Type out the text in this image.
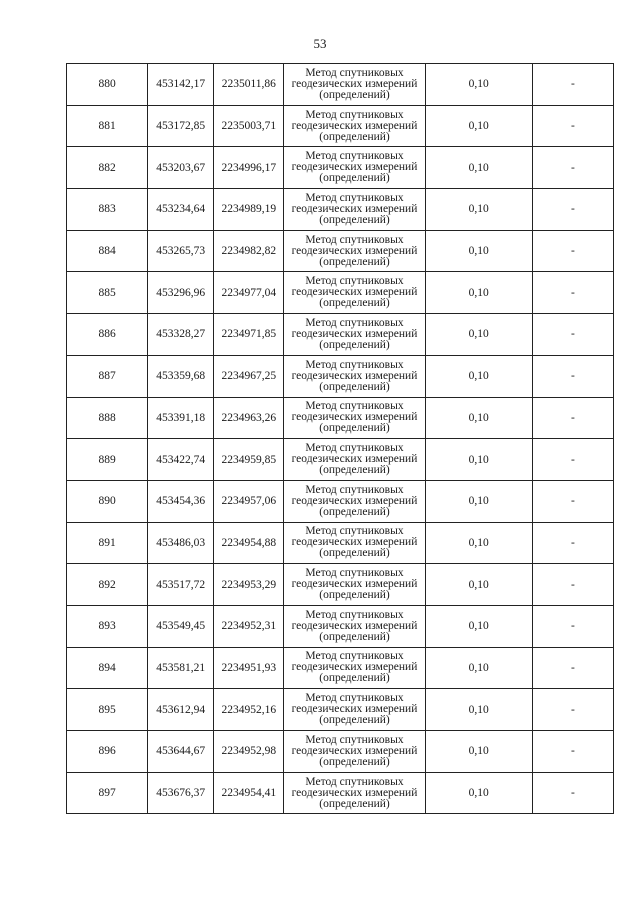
53
880	453142,17	2235011,86	Метод спутниковых
геодезических измерений
(определений)	0,10	-
881	453172,85	2235003,71	Метод спутниковых
геодезических измерений
(определений)	0,10	-
882	453203,67	2234996,17	Метод спутниковых
геодезических измерений
(определений)	0,10	-
883	453234,64	2234989,19	Метод спутниковых
геодезических измерений
(определений)	0,10	-
884	453265,73	2234982,82	Метод спутниковых
геодезических измерений
(определений)	0,10	-
885	453296,96	2234977,04	Метод спутниковых
геодезических измерений
(определений)	0,10	-
886	453328,27	2234971,85	Метод спутниковых
геодезических измерений
(определений)	0,10	-
887	453359,68	2234967,25	Метод спутниковых
геодезических измерений
(определений)	0,10	-
888	453391,18	2234963,26	Метод спутниковых
геодезических измерений
(определений)	0,10	-
889	453422,74	2234959,85	Метод спутниковых
геодезических измерений
(определений)	0,10	-
890	453454,36	2234957,06	Метод спутниковых
геодезических измерений
(определений)	0,10	-
891	453486,03	2234954,88	Метод спутниковых
геодезических измерений
(определений)	0,10	-
892	453517,72	2234953,29	Метод спутниковых
геодезических измерений
(определений)	0,10	-
893	453549,45	2234952,31	Метод спутниковых
геодезических измерений
(определений)	0,10	-
894	453581,21	2234951,93	Метод спутниковых
геодезических измерений
(определений)	0,10	-
895	453612,94	2234952,16	Метод спутниковых
геодезических измерений
(определений)	0,10	-
896	453644,67	2234952,98	Метод спутниковых
геодезических измерений
(определений)	0,10	-
897	453676,37	2234954,41	Метод спутниковых
геодезических измерений
(определений)	0,10	-
